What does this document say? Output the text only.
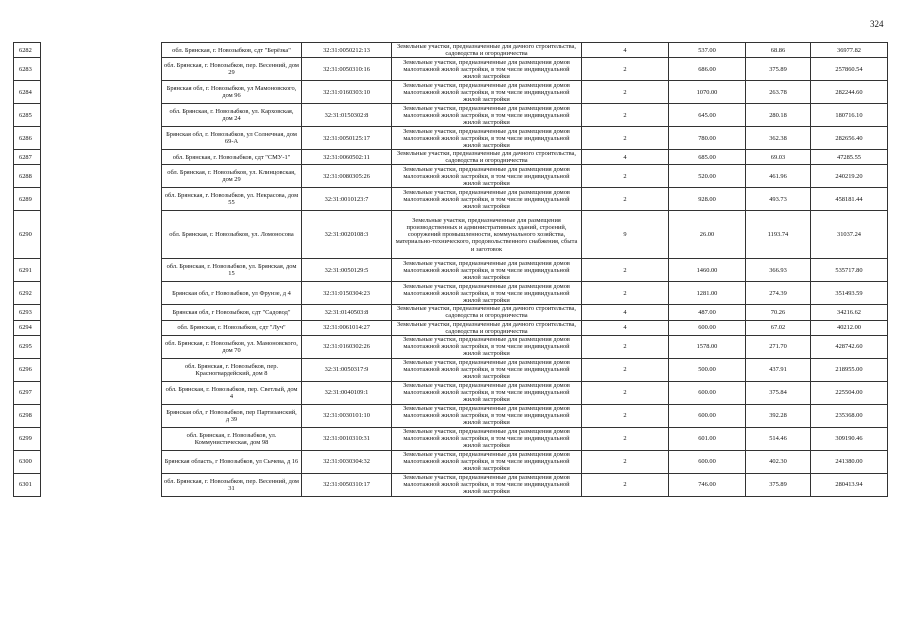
324
6282		обл. Брянская, г. Новозыбков, сдт "Берёзка"	32:31:0050212:13	Земельные участки, предназначенные для дачного строительства, садоводства и огородничества	4	537.00	68.86	36977.82
6283		обл. Брянская, г. Новозыбков, пер. Весенний, дом 29	32:31:0050310:16	Земельные участки, предназначенные для размещения домов малоэтажной жилой застройки, в том числе индивидуальной жилой застройки	2	686.00	375.89	257860.54
6284		Брянская обл, г. Новозыбков, ул Мамоновского, дом 96	32:31:0160303:10	Земельные участки, предназначенные для размещения домов малоэтажной жилой застройки, в том числе индивидуальной жилой застройки	2	1070.00	263.78	282244.60
6285		обл. Брянская, г. Новозыбков, ул. Карховская, дом 24	32:31:0150302:8	Земельные участки, предназначенные для размещения домов малоэтажной жилой застройки, в том числе индивидуальной жилой застройки	2	645.00	280.18	180716.10
6286		Брянская обл, г. Новозыбков, ул Солнечная, дом 69-А	32:31:0050125:17	Земельные участки, предназначенные для размещения домов малоэтажной жилой застройки, в том числе индивидуальной жилой застройки	2	780.00	362.38	282656.40
6287		обл. Брянская, г. Новозыбков, сдт "СМУ-1"	32:31:0060502:11	Земельные участки, предназначенные для дачного строительства, садоводства и огородничества	4	685.00	69.03	47285.55
6288		обл. Брянская, г. Новозыбков, ул. Клинцовская, дом 29	32:31:0080305:26	Земельные участки, предназначенные для размещения домов малоэтажной жилой застройки, в том числе индивидуальной жилой застройки	2	520.00	461.96	240219.20
6289		обл. Брянская, г. Новозыбков, ул. Некрасова, дом 55	32:31:0010123:7	Земельные участки, предназначенные для размещения домов малоэтажной жилой застройки, в том числе индивидуальной жилой застройки	2	928.00	493.73	458181.44
6290		обл. Брянская, г. Новозыбков, ул. Ломоносова	32:31:0020108:3	Земельные участки, предназначенные для размещения производственных и административных зданий, строений, сооружений промышленности, коммунального хозяйства, материально-технического, продовольственного снабжения, сбыта и заготовок	9	26.00	1193.74	31037.24
6291		обл. Брянская, г. Новозыбков, ул. Брянская, дом 15	32:31:0050129:5	Земельные участки, предназначенные для размещения домов малоэтажной жилой застройки, в том числе индивидуальной жилой застройки	2	1460.00	366.93	535717.80
6292		Брянская обл, г Новозыбков, ул Фрунзе, д 4	32:31:0150304:23	Земельные участки, предназначенные для размещения домов малоэтажной жилой застройки, в том числе индивидуальной жилой застройки	2	1281.00	274.39	351493.59
6293		Брянская обл, г Новозыбков, сдт "Садовод"	32:31:0140503:8	Земельные участки, предназначенные для дачного строительства, садоводства и огородничества	4	487.00	70.26	34216.62
6294		обл. Брянская, г. Новозыбков, сдт "Луч"	32:31:0061014:27	Земельные участки, предназначенные для дачного строительства, садоводства и огородничества	4	600.00	67.02	40212.00
6295		обл. Брянская, г. Новозыбков, ул. Мамоновского, дом 70	32:31:0160302:26	Земельные участки, предназначенные для размещения домов малоэтажной жилой застройки, в том числе индивидуальной жилой застройки	2	1578.00	271.70	428742.60
6296		обл. Брянская, г. Новозыбков, пер. Красногвардейский, дом 8	32:31:0050317:9	Земельные участки, предназначенные для размещения домов малоэтажной жилой застройки, в том числе индивидуальной жилой застройки	2	500.00	437.91	218955.00
6297		обл. Брянская, г. Новозыбков, пер. Светлый, дом 4	32:31:0040109:1	Земельные участки, предназначенные для размещения домов малоэтажной жилой застройки, в том числе индивидуальной жилой застройки	2	600.00	375.84	225504.00
6298		Брянская обл, г Новозыбков, пер Партизанский, д 39	32:31:0030101:10	Земельные участки, предназначенные для размещения домов малоэтажной жилой застройки, в том числе индивидуальной жилой застройки	2	600.00	392.28	235368.00
6299		обл. Брянская, г. Новозыбков, ул. Коммунистическая, дом 98	32:31:0010310:31	Земельные участки, предназначенные для размещения домов малоэтажной жилой застройки, в том числе индивидуальной жилой застройки	2	601.00	514.46	309190.46
6300		Брянская область, г Новозыбков, ул Сычева, д 16	32:31:0030304:32	Земельные участки, предназначенные для размещения домов малоэтажной жилой застройки, в том числе индивидуальной жилой застройки	2	600.00	402.30	241380.00
6301		обл. Брянская, г. Новозыбков, пер. Весенний, дом 31	32:31:0050310:17	Земельные участки, предназначенные для размещения домов малоэтажной жилой застройки, в том числе индивидуальной жилой застройки	2	746.00	375.89	280413.94
